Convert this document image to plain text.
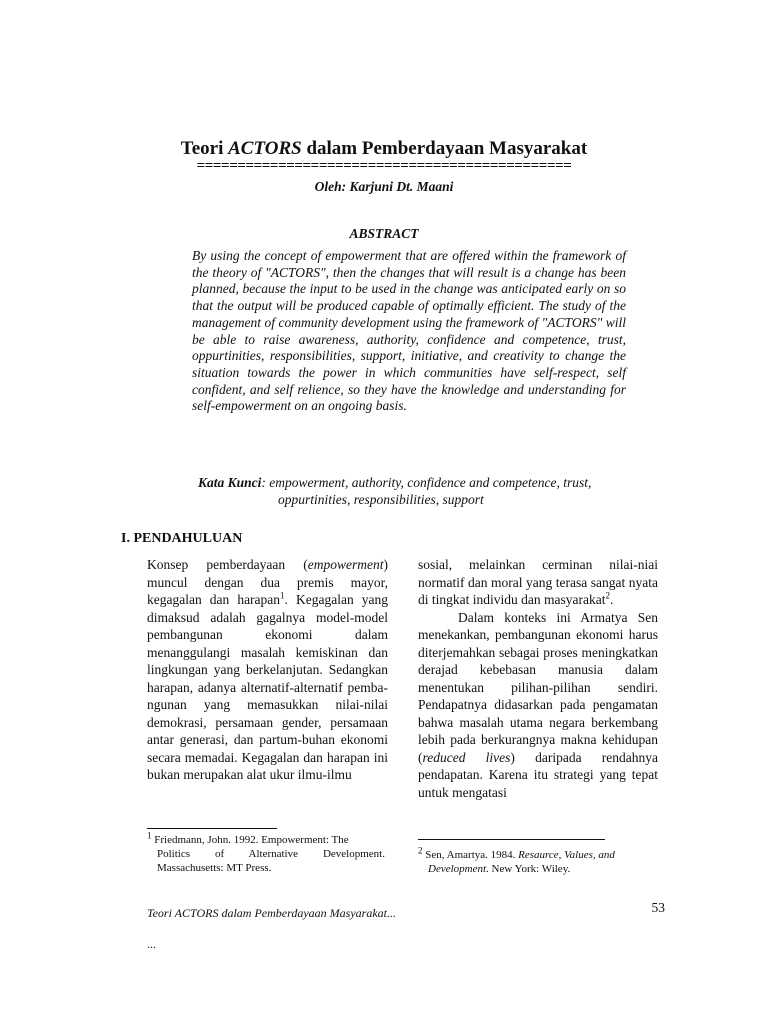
Teori ACTORS dalam Pemberdayaan Masyarakat
==============================================
Oleh: Karjuni Dt. Maani
ABSTRACT
By using the concept of empowerment that are offered within the framework of the theory of "ACTORS", then the changes that will result is a change has been planned, because the input to be used in the change was anticipated early on so that the output will be produced capable of optimally efficient. The study of the management of community development using the framework of "ACTORS" will be able to raise awareness, authority, confidence and competence, trust, oppurtinities, responsibilities, support, initiative, and creativity to change the situation towards the power in which communities have self-respect, self confident, and self relience, so they have the knowledge and understanding for self-empowerment on an ongoing basis.
Kata Kunci: empowerment, authority, confidence and competence, trust,
oppurtinities, responsibilities, support
I. PENDAHULUAN

Konsep pemberdayaan (empowerment) muncul dengan dua premis mayor, kegagalan dan harapan$^1$. Kegagalan yang dimaksud adalah gagalnya model-model pembangunan ekonomi dalam menanggulangi masalah kemiskinan dan lingkungan yang berkelanjutan. Sedangkan harapan, adanya alternatif-alternatif pemba-ngunan yang memasukkan nilai-nilai demokrasi, persamaan gender, persamaan antar generasi, dan partum-buhan ekonomi secara memadai. Kegagalan dan harapan ini bukan merupakan alat ukur ilmu-ilmu

sosial, melainkan cerminan nilai-niai normatif dan moral yang terasa sangat nyata di tingkat individu dan masyarakat$^2$.

Dalam konteks ini Armatya Sen menekankan, pembangunan ekonomi harus diterjemahkan sebagai proses meningkatkan derajad kebebasan manusia dalam menentukan pilihan-pilihan sendiri. Pendapatnya didasarkan pada pengamatan bahwa masalah utama negara berkembang lebih pada berkurangnya makna kehidupan (reduced lives) daripada rendahnya pendapatan. Karena itu strategi yang tepat untuk mengatasi

$^1$ Friedmann, John. 1992. Empowerment: The
Politics of Alternative Development. Massachusetts: MT Press.
$^2$ Sen, Amartya. 1984. Resaurce, Values, and
Development. New York: Wiley.
Teori ACTORS dalam Pemberdayaan Masyarakat...	53
...
